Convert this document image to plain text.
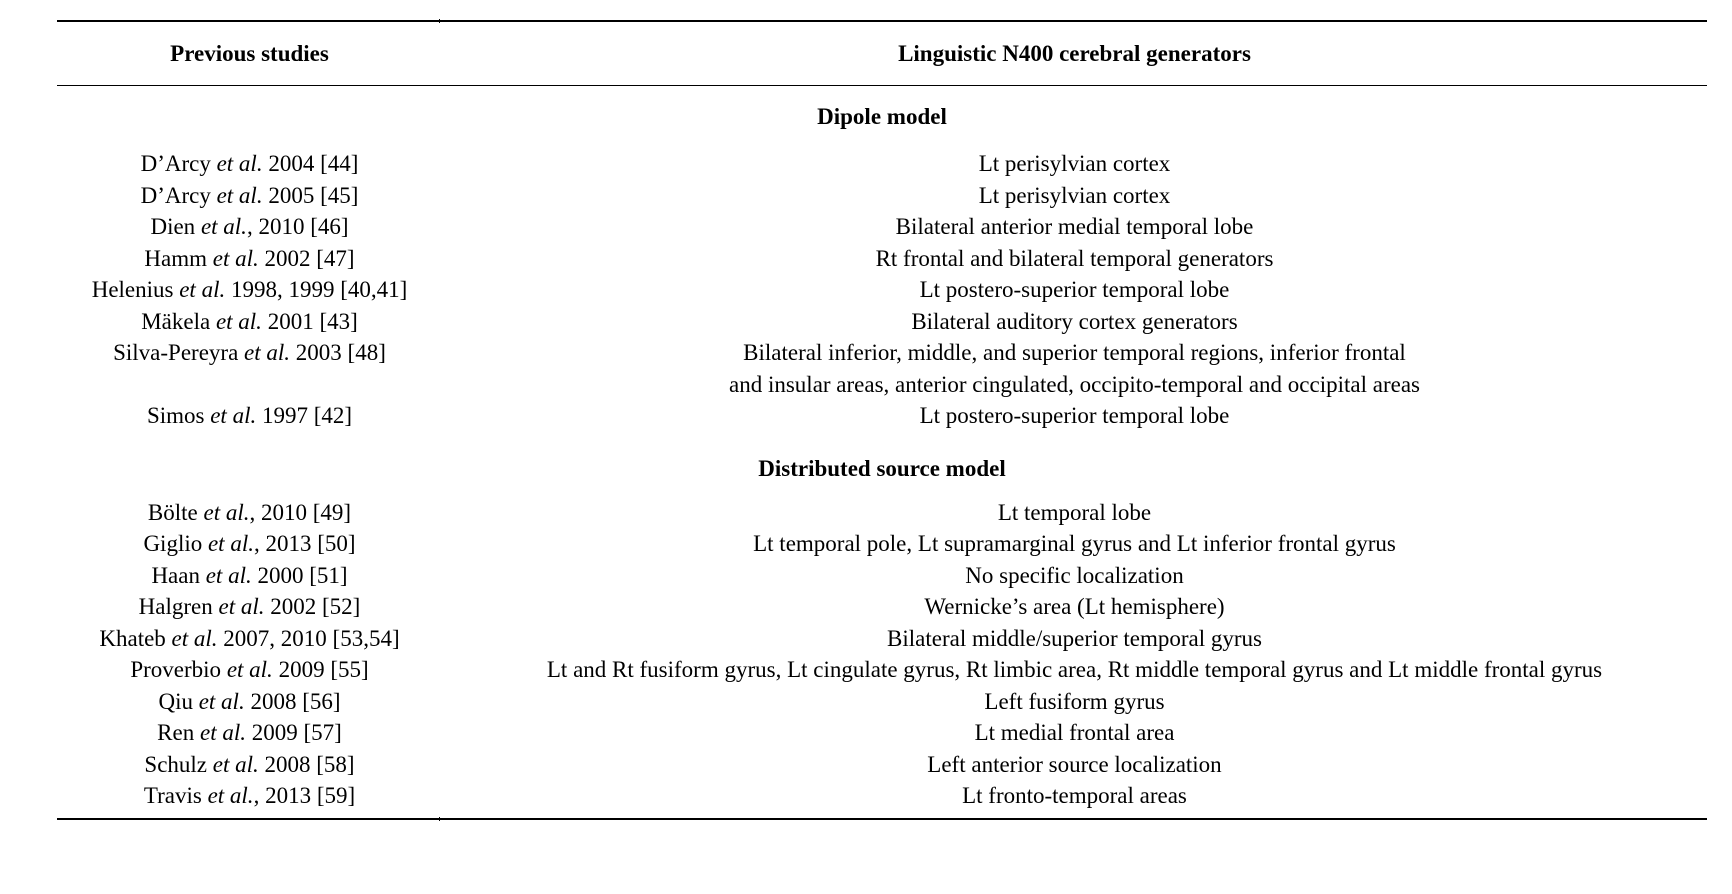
Previous studies	Linguistic N400 cerebral generators
Dipole model
D’Arcy et al. 2004 [44]	Lt perisylvian cortex
D’Arcy et al. 2005 [45]	Lt perisylvian cortex
Dien et al., 2010 [46]	Bilateral anterior medial temporal lobe
Hamm et al. 2002 [47]	Rt frontal and bilateral temporal generators
Helenius et al. 1998, 1999 [40,41]	Lt postero-superior temporal lobe
Mäkela et al. 2001 [43]	Bilateral auditory cortex generators
Silva-Pereyra et al. 2003 [48]	Bilateral inferior, middle, and superior temporal regions, inferior frontal
and insular areas, anterior cingulated, occipito-temporal and occipital areas
Simos et al. 1997 [42]	Lt postero-superior temporal lobe
Distributed source model
Bölte et al., 2010 [49]	Lt temporal lobe
Giglio et al., 2013 [50]	Lt temporal pole, Lt supramarginal gyrus and Lt inferior frontal gyrus
Haan et al. 2000 [51]	No specific localization
Halgren et al. 2002 [52]	Wernicke’s area (Lt hemisphere)
Khateb et al. 2007, 2010 [53,54]	Bilateral middle/superior temporal gyrus
Proverbio et al. 2009 [55]	Lt and Rt fusiform gyrus, Lt cingulate gyrus, Rt limbic area, Rt middle temporal gyrus and Lt middle frontal gyrus
Qiu et al. 2008 [56]	Left fusiform gyrus
Ren et al. 2009 [57]	Lt medial frontal area
Schulz et al. 2008 [58]	Left anterior source localization
Travis et al., 2013 [59]	Lt fronto-temporal areas
